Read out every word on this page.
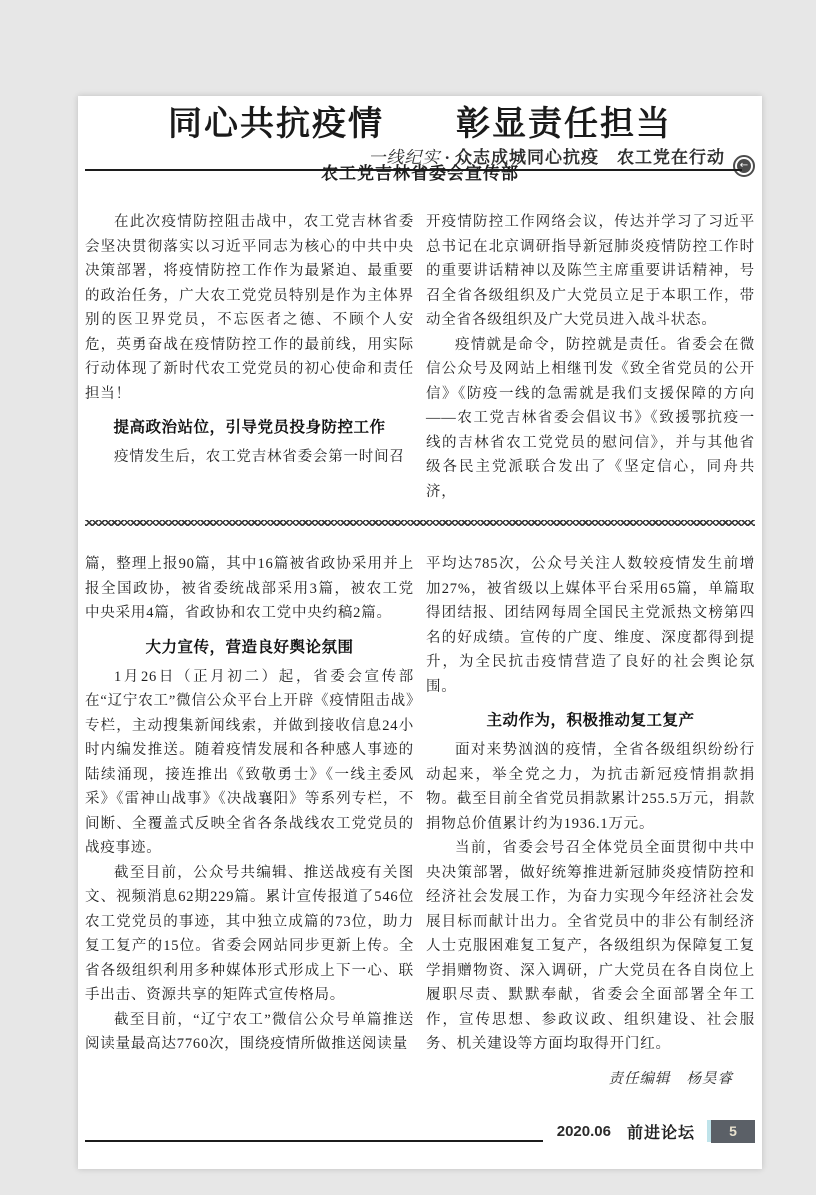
一线纪实 · 众志成城同心抗疫　农工党在行动 ←
同心共抗疫情　　彰显责任担当
农工党吉林省委会宣传部

在此次疫情防控阻击战中，农工党吉林省委会坚决贯彻落实以习近平同志为核心的中共中央决策部署，将疫情防控工作作为最紧迫、最重要的政治任务，广大农工党党员特别是作为主体界别的医卫界党员，不忘医者之德、不顾个人安危，英勇奋战在疫情防控工作的最前线，用实际行动体现了新时代农工党党员的初心使命和责任担当！

提高政治站位，引导党员投身防控工作

疫情发生后，农工党吉林省委会第一时间召

开疫情防控工作网络会议，传达并学习了习近平总书记在北京调研指导新冠肺炎疫情防控工作时的重要讲话精神以及陈竺主席重要讲话精神，号召全省各级组织及广大党员立足于本职工作，带动全省各级组织及广大党员进入战斗状态。

疫情就是命令，防控就是责任。省委会在微信公众号及网站上相继刊发《致全省党员的公开信》《防疫一线的急需就是我们支援保障的方向——农工党吉林省委会倡议书》《致援鄂抗疫一线的吉林省农工党党员的慰问信》，并与其他省级各民主党派联合发出了《坚定信心，同舟共济，

篇，整理上报90篇，其中16篇被省政协采用并上报全国政协，被省委统战部采用3篇，被农工党中央采用4篇，省政协和农工党中央约稿2篇。

大力宣传，营造良好舆论氛围

1月26日（正月初二）起，省委会宣传部在“辽宁农工”微信公众平台上开辟《疫情阻击战》专栏，主动搜集新闻线索，并做到接收信息24小时内编发推送。随着疫情发展和各种感人事迹的陆续涌现，接连推出《致敬勇士》《一线主委风采》《雷神山战事》《决战襄阳》等系列专栏，不间断、全覆盖式反映全省各条战线农工党党员的战疫事迹。

截至目前，公众号共编辑、推送战疫有关图文、视频消息62期229篇。累计宣传报道了546位农工党党员的事迹，其中独立成篇的73位，助力复工复产的15位。省委会网站同步更新上传。全省各级组织利用多种媒体形式形成上下一心、联手出击、资源共享的矩阵式宣传格局。

截至目前，“辽宁农工”微信公众号单篇推送阅读量最高达7760次，围绕疫情所做推送阅读量

平均达785次，公众号关注人数较疫情发生前增加27%，被省级以上媒体平台采用65篇，单篇取得团结报、团结网每周全国民主党派热文榜第四名的好成绩。宣传的广度、维度、深度都得到提升，为全民抗击疫情营造了良好的社会舆论氛围。

主动作为，积极推动复工复产

面对来势汹汹的疫情，全省各级组织纷纷行动起来，举全党之力，为抗击新冠疫情捐款捐物。截至目前全省党员捐款累计255.5万元，捐款捐物总价值累计约为1936.1万元。

当前，省委会号召全体党员全面贯彻中共中央决策部署，做好统筹推进新冠肺炎疫情防控和经济社会发展工作，为奋力实现今年经济社会发展目标而献计出力。全省党员中的非公有制经济人士克服困难复工复产，各级组织为保障复工复学捐赠物资、深入调研，广大党员在各自岗位上履职尽责、默默奉献，省委会全面部署全年工作，宣传思想、参政议政、组织建设、社会服务、机关建设等方面均取得开门红。

责任编辑 杨昊睿
2020.06 前进论坛	5
